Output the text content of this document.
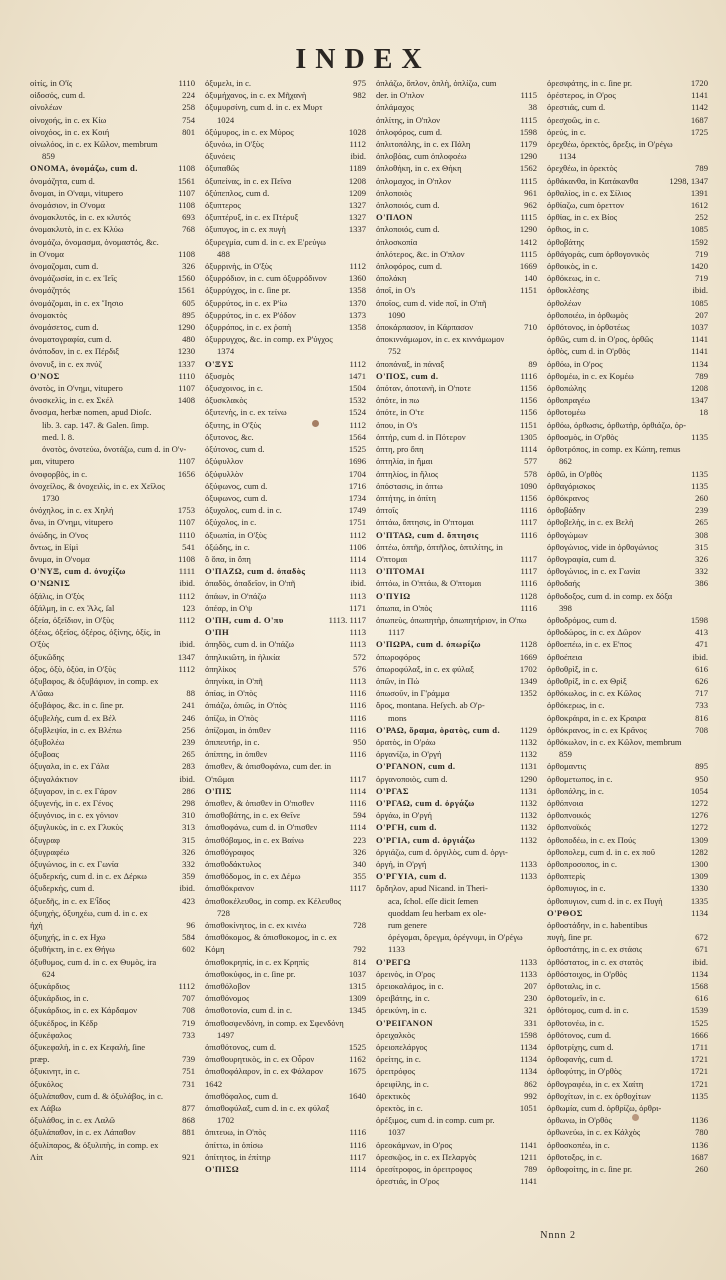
INDEX
οἰτίς, in Ο'ϊς	1110
οἰδοσός, cum d.	224
οἰνολέων	258
οἰνοχοής, in c. ex Κίω	754
οἰνοχόος, in c. ex Κοιή	801
οἰνωλόος, in c. ex Κῶλον, membrum
859
ΟΝΟΜΑ, ὀνομάζω, cum d.	1108
ὀνομάζητα, cum d.	1561
ὄνομαι, in Ο'ναμι, vitupero	1107
ὀνομάσιον, in Ο'νομα	1108
ὀνομακλυτός, in c. ex κλυτός	693
ὀνομακλυτὸ, in c. ex Κλύω	768
ὀνομάζω, ὀνομασμα, ὀνομαστός, &c.
in Ο'νομα	1108
ὀνομαζομαι, cum d.	326
ὀνομάζωσία, in c. ex Ἱεῖς	1560
ὀνομάζητός	1561
ὀνομάζομαι, in c. ex Ἴησιο	605
ὀνομακτὸς	895
ὀνομάσετος, cum d.	1290
ὀνοματογραφία, cum d.	480
ὀνόποδον, in c. ex Πέρδιξ	1230
ὀνονυξ, in c. ex πνύζ	1337
Ο'ΝΟΣ	1110
ὀνοτὸς, in Ο'νημι, vitupero	1107
ὀνοσκελὶς, in c. ex Σκέλ	1408
ὄνοσμα, herbæ nomen, apud Dioſc.
lib. 3. cap. 147. & Galen. ſimp.
med. l. 8.
ὀνοτὸς, ὀνοτεύω, ὀνοτάζω, cum d. in Ο'ν-
μαι, vitupero	1107
ὀνοφορβὸς, in c.	1656
ὀνοχείλος, & ὀνοχειλὶς, in c. ex Χεῖλος
1730
ὀνόχηλος, in c. ex Χηλή	1753
ὄνω, in Ο'νημι, vitupero	1107
ὀνώδης, in Ο'νος	1110
ὄντως, in Εἰμὶ	541
ὄνυμα, in Ο'νομα	1108
Ο'ΝΥΞ, cum d. ὀνυχίζω	1111
Ο'ΝΩΝΙΣ	ibid.
ὀξάλις, in Ο'ξὺς	1112
ὀξάλμη, in c. ex Ἅλς, ſal	123
ὀξεία, ὀξεῖδιον, in Ο'ξὺς	1112
ὀξέως, ὀξεῖος, ὀξέρος, ὀξίνης, ὀξίς, in
Ο'ξὺς	ibid.
ὀξυκῶδης	1347
ὀξος, ὀξὺ, ὀξύα, in Ο'ξὺς	1112
ὀξυβαφος, & ὀξυβάφιον, in comp. ex
Α'ὤαω	88
ὀξυβάφος, &c. in c. ſine pr.	241
ὀξυβελὴς, cum d. ex Βέλ	246
ὀξυβλεψία, in c. ex Βλέπω	256
ὀξυβολέω	239
ὀξυβοας	265
ὀξυγαλα, in c. ex Γάλα	283
ὀξυγαλάκτιον	ibid.
ὀξυγαρον, in c. ex Γάρον	286
ὀξυγενής, in c. ex Γένος	298
ὀξυγόνιος, in c. ex γόνιον	310
ὀξυγλυκὺς, in c. ex Γλυκὺς	313
ὀξυγραφ	315
ὀξυγραφέω	326
ὀξυγώνιος, in c. ex Γωνία	332
ὀξυδερκής, cum d. in c. ex Δέρκω	359
ὀξυδερκὴς, cum d.	ibid.
ὀξυεδῆς, in c. ex Ε'ἶδος	423
ὀξυηχὴς, ὀξυηχέω, cum d. in c. ex
ἠχὴ	96
ὀξυηχής, in c. ex Ηχω	584
ὀξυθήκτη, in c. ex Θήγω	602
ὀξυθυμος, cum d. in c. ex Θυμὸς, ira
624
ὀξυκάρδιος	1112
ὀξυκάρδιος, in c.	707
ὀξυκάρδιος, in c. ex Κάρδαμον	708
ὀξυκέδρος, in Κέδρ	719
ὀξυκέφαλος	733
ὀξυκεφαλὴ, in c. ex Κεφαλὴ, ſine
præp.	739
ὀξυκινητ, in c.	751
ὀξυκόλος	731
ὀξυλάπαθον, cum d. & ὀξυλάβος, in c.
ex Λάβω	877
ὀξυλάθος, in c. ex Λαλῶ	868
ὀξυλάπαθον, in c. ex Λάπαθον	881
ὀξυλίπαρος, & ὀξυλιπὴς, in comp. ex
Λίπ	921
ὀξυμελι, in c.	975
ὀξυμήχανος, in c. ex Μῆχανὴ	982
ὀξυμυρσίνη, cum d. in c. ex Μυρτ
1024
ὀξύμυρος, in c. ex Μύρος	1028
ὀξυνόω, in Ο'ξὺς	1112
ὀξυνόεις	ibid.
ὀξυπαθῶς	1189
ὀξυπείνας, in c. ex Πεῖνα	1208
ὀξύπεπλος, cum d.	1209
ὀξυπτερος	1327
ὀξυπτέρυξ, in c. ex Πτέρυξ	1327
ὀξυπυγος, in c. ex πυγὴ	1337
ὀξυρεγμία, cum d. in c. ex Ε'ρεύγω
488
ὀξυρρινὴς, in Ο'ξὺς	1112
ὀξυρρόδιον, in c. cum ὀξυρρόδινον	1360
ὀξυρρύγχος, in c. ſine pr.	1358
ὀξυρρύτος, in c. ex Ρ'ίω	1370
ὀξυρρύτος, in c. ex Ρ'ὀδον	1373
ὀξυρρόπος, in c. ex ῥοπὴ	1358
ὀξυρρυγχος, &c. in comp. ex Ρ'ύγχος
1374
Ο'ΞΥΣ	1112
ὀξυσμὸς	1471
ὀξυσχοινος, in c.	1504
ὀξυσκλακὸς	1532
ὀξυτενὴς, in c. ex τείνω	1524
ὀξυτης, in Ο'ξὺς	1112
ὀξυτονος, &c.	1564
ὀξύτονος, cum d.	1525
ὀξύφυλλον	1696
ὀξύφυλλὸν	1704
ὀξύφωνος, cum d.	1716
ὀξυφωνος, cum d.	1734
ὀξυχολος, cum d. in c.	1749
ὀξύχολος, in c.	1751
ὀξυωπία, in Ο'ξὺς	1112
ὀξώδης, in c.	1106
ὃ ὅπα, in ὄπη	1114
Ο'ΠΑΖΩ, cum d. ὀπαδὸς	1113
ὀπαδὸς, ὀπαδεῖον, in Ο'πῆ	ibid.
ὀπάων, in Ο'πάζω	1113
ὀπέαρ, in Ο'ψ	1171
Ο'ΠΗ, cum d. Ο'πυ	1113. 1117
Ο'ΠΗ	1113
ὀπηδὸς, cum d. in Ο'πάζω	1113
ὀπηλικιῶτη, in ἡλικία	572
ὀπηλίκος	576
ὀπηνίκα, in Ο'πῆ	1113
ὀπίας, in Ο'πὸς	1116
ὀπιάζω, ὀπιῶς, in Ο'πὸς	1116
ὀπίζω, in Ο'πὸς	1116
ὀπίζομαι, in ὀπιθεν	1116
ὀπιπευτήρ, in c.	950
ὀπίπτης, in ὀπιθεν	1116
ὀπισθεν, & ὀπισθοφάνω, cum der. in
Ο'πῶμαι	1117
Ο'ΠΙΣ	1114
ὀπισθεν, & ὀπισθεν in Ο'πισθεν	1116
ὀπισθοβάτης, in c. ex Θεῖνε	594
ὀπισθοφάνω, cum d. in Ο'πισθεν	1114
ὀπισθόβαμος, in c. ex Βαίνω	223
ὀπισθόγραφος	326
ὀπισθοδάκτυλος	340
ὀπισθόδομος, in c. ex Δέμω	355
ὀπισθόκρανον	1117
ὀπισθοκέλευθος, in comp. ex Κέλευθος
728
ὀπισθοκίνητος, in c. ex κινέω	728
ὀπισθόκομος, & ὀπισθοκομος, in c. ex
Κόμη	792
ὀπισθοκρηπὶς, in c. ex Κρηπὶς	814
ὀπισθοκύφος, in c. ſine pr.	1037
ὀπισθόλοβον	1315
ὀπισθόνομος	1309
ὀπισθοτονία, cum d. in c.	1345
ὀπισθοσφενδόνη, in comp. ex Σφενδόνη
1497
ὀπισθότονος, cum d.	1525
ὀπισθουρητικὸς, in c. ex Οὖρον	1162
ὀπισθοφάλαρον, in c. ex Φάλαρον	1675
1642
ὀπισθόφαλος, cum d.	1640
ὀπισθοφύλαξ, cum d. in c. ex φύλαξ
1702
ὀπιτευω, in Ο'πὸς	1116
ὀπίττω, in ὀπίσω	1116
ὀπίτητος, in ἐπίτηρ	1117
Ο'ΠΙΣΩ	1114
ὀπλάζω, ὅπλον, ὁπλὴ, ὁπλίζω, cum
der. in Ο'πλον	1115
ὀπλάμαχος	38
ὀπλίτης, in Ο'πλον	1115
ὀπλοφόρος, cum d.	1598
ὀπλιτοπάλης, in c. ex Πάλη	1179
ὀπλοβόας, cum ὀπλοφοέω	1290
ὀπλοθήκη, in c. ex Θήκη	1562
ὀπλομαχος, in Ο'πλον	1115
ὀπλοποιὸς	961
ὀπλοποιός, cum d.	962
Ο'ΠΛΟΝ	1115
ὀπλοποιός, cum d.	1290
ὀπλοσκοπία	1412
ὀπλότερος, &c. in Ο'πλον	1115
ὀπλοφόρος, cum d.	1669
ὀπολάκη	140
ὀποῖ, in Ο's	1151
ὀποῖος, cum d. vide ποῖ, in Ο'πῆ
1090
ὀποκάρπασον, in Κάρπασον	710
ὀποκιννάμωμον, in c. ex κιννάμωμον
752
ὀποπάναξ, in πάναξ	89
Ο'ΠΟΣ, cum d.	1116
ὀπόταν, ὀποτανὴ, in Ο'ποτε	1156
ὀπότε, in πω	1156
ὀπότε, in Ο'τε	1156
ὀπου, in Ο's	1151
ὀπτήρ, cum d. in Πότερον	1305
ὀπτη, pro ὄπη	1114
ὀπτηλία, in ἥμαι	577
ὀπτηλίος, in ἥλιος	578
ὀπόστασις, in ὀπτω	1090
ὀπτήτης, in ὀπίτη	1156
ὀπτοῖς	1116
ὀπτάω, ὄπτησις, in Ο'πτομαι	1117
Ο'ΠΤΑΩ, cum d. ὄπτησις	1116
ὀπτέω, ὀπτῆρ, ὀπτῆλος, ὀπτιλίτης, in
Ο'πτομαι	1117
Ο'ΠΤΟΜΑΙ	1117
ὀπτόω, in Ο'πτάω, & Ο'πτομαι	1116
Ο'ΠΥΙΩ	1128
ὀπωπα, in Ο'πὸς	1116
ὀπωπεὺς, ὀπωπητὴρ, ὀπωπητήριον, in Ο'πω
1117
Ο'ΠΩΡΑ, cum d. ὀπωρίζω	1128
ὀπωροφόρος	1669
ὀπωροφύλαξ, in c. ex φύλαξ	1702
ὀπῶν, in Πώ	1349
ὀπωσοῦν, in Γ'ράμμα	1352
ὄρος, montana. Heſych. ab Ο'ρ-
mons
Ο'ΡΑΩ, ὅραμα, ὁρατὸς, cum d.	1129
ὀρατὸς, in Ο'ράω	1132
ὀργανίζω, in Ο'ργή	1132
Ο'ΡΓΑΝΟΝ, cum d.	1131
ὀργανοποιὸς, cum d.	1290
Ο'ΡΓΑΣ	1131
Ο'ΡΓΑΩ, cum d. ὀργάζω	1132
ὀργάω, in Ο'ργή	1132
Ο'ΡΓΗ, cum d.	1132
Ο'ΡΓΙΑ, cum d. ὀργιάζω	1132
ὀργιάζω, cum d. ὀργιλὸς, cum d. ὀργι-
ὀργή, in Ο'ργή	1133
Ο'ΡΓΥΙΑ, cum d.	1133
ὄρδηλον, apud Nicand. in Theri-
aca, ſchol. eſſe dicit ſemen
quoddam ſeu herbam ex ole-
rum genere
ὀρέγομαι, ὄρεγμα, ὀρέγνυμι, in Ο'ρέγω
1133
Ο'ΡΕΓΩ	1133
ὀρεινὸς, in Ο'ρος	1133
ὀρειοκαλάμος, in c.	207
ὀρειβάτης, in c.	230
ὀρεικύνη, in c.	321
Ο'ΡΕΙΓΑΝΟΝ	331
ὀρειχαλκὸς	1598
ὀρειοπελάργος	1134
ὀρείτης, in c.	1134
ὀρειτρόφος	1134
ὀρειφίλης, in c.	862
ὀρεκτικὸς	992
ὀρεκτὸς, in c.	1051
ὀρέξιμος, cum d. in comp. cum pr.
1037
ὀρεοκάμνων, in Ο'ρος	1141
ὀρεσκῷος, in c. ex Πελαργὸς	1211
ὀρεσίτροφος, in ὀρειτροφος	789
ὀρεστιάς, in Ο'ρος	1141
ὀρεσιφάτης, in c. ſine pr.	1720
ὀρέστερος, in Ο'ρος	1141
ὀρεστιάς, cum d.	1142
ὀρεσχοῶς, in c.	1687
ὀρεύς, in c.	1725
ὀρεχθέω, ὀρεκτὸς, ὄρεξις, in Ο'ρέγω
1134
ὀρεχθέω, in ὀρεκτὸς	789
ὀρθάκανθα, in Κατάκανθα	1298, 1347
ὀρθαλίος, in c. ex Σίλιος	1391
ὀρθίαζω, cum ὀρεττον	1612
ὀρθίας, in c. ex Βίος	252
ὀρθιος, in c.	1085
ὀρθοβάτης	1592
ὀρθάγοράς, cum ὀρθογονικὸς	719
ὀρθοικὸς, in c.	1420
ὀρθόκεως, in c.	719
ὀρθοκλέσης	ibid.
ὀρθολέων	1085
ὀρθοποιέω, in ὀρθωμὸς	207
ὀρθότονος, in ὀρθοτέως	1037
ὀρθῶς, cum d. in Ο'ρος, ὀρθῶς	1141
ὀρθὸς, cum d. in Ο'ρθὸς	1141
ὀρθόω, in Ο'ρος	1134
ὀρθομέω, in c. ex Κομέω	789
ὀρθοπώλης	1208
ὀρθοπραγέω	1347
ὀρθοτομέω	18
ὀρθόω, ὀρθωσις, ὀρθωτὴρ, ὀρθιάζω, ὀρ-
ὀρθοσμὸς, in Ο'ρθὸς	1135
ὀρθοτρόπος, in comp. ex Κώπη, remus
862
ὀρθῶ, in Ο'ρθὸς	1135
ὀρθαγόρισκος	1135
ὀρθόκρανος	260
ὀρθοβάδην	239
ὀρθοβελὴς, in c. ex Βελὴ	265
ὀρθογώμων	308
ὀρθογώνιος, vide in ὀρθογώνιος	315
ὀρθογραφία, cum d.	326
ὀρθογώνιος, in c. ex Γωνία	332
ὀρθοδαής	386
ὀρθοδοξος, cum d. in comp. ex δόξα
398
ὀρθοδρόμος, cum d.	1598
ὀρθοδώρος, in c. ex Δῶρον	413
ὀρθοεπέω, in c. ex Ε'πος	471
ὀρθοέπεια	ibid.
ὀρθοθρὶξ, in c.	616
ὀρθοθρίξ, in c. ex Θρὶξ	626
ὀρθόκωλος, in c. ex Κῶλος	717
ὀρθόκερως, in c.	733
ὀρθοκράιρα, in c. ex Κραιρα	816
ὀρθόκρανος, in c. ex Κρᾶνος	708
ὀρθόκωλον, in c. ex Κῶλον, membrum
859
ὀρθομαντις	895
ὀρθομετωπος, in c.	950
ὀρθοπάλης, in c.	1054
ὀρθόπνοια	1272
ὀρθοπνοικός	1276
ὀρθοπνοϊκός	1272
ὀρθοποδέω, in c. ex Πούς	1309
ὀρθοπολεμ, cum d. in c. ex ποῦ	1282
ὀρθοπροσοπος, in c.	1300
ὀρθοπτερὶς	1309
ὀρθοπυγιος, in c.	1330
ὀρθοπυγιον, cum d. in c. ex Πυγὴ	1335
Ο'ΡΘΟΣ	1134
ὀρθοστάδην, in c. habentibus
πυγὴ, ſine pr.	672
ὀρθοστάτης, in c. ex στάσις	671
ὀρθόστατος, in c. ex στατὸς	ibid.
ὀρθόστοιχος, in Ο'ρθὸς	1134
ὀρθοταλις, in c.	1568
ὀρθοτομεῖν, in c.	616
ὀρθότομος, cum d. in c.	1539
ὀρθοτονέω, in c.	1525
ὀρθότονος, cum d.	1666
ὀρθοτρίχης, cum d.	1711
ὀρθοφανὴς, cum d.	1721
ὀρθοφύτης, in Ο'ρθὸς	1721
ὀρθογραφέω, in c. ex Χαίτη	1721
ὀρθοχίτων, in c. ex ὀρθοχίτων	1135
ὀρθωμία, cum d. ὀρθρίζω, ὀρθρι-
ὀρθωνω, in Ο'ρθὸς	1136
ὀρθωνεύω, in c. ex Κάλχὸς	780
ὀρθοσκοπέω, in c.	1136
ὀρθοτοξος, in c.	1687
ὀρθοφοίτης, in c. ſine pr.	260
Nnnn 2
